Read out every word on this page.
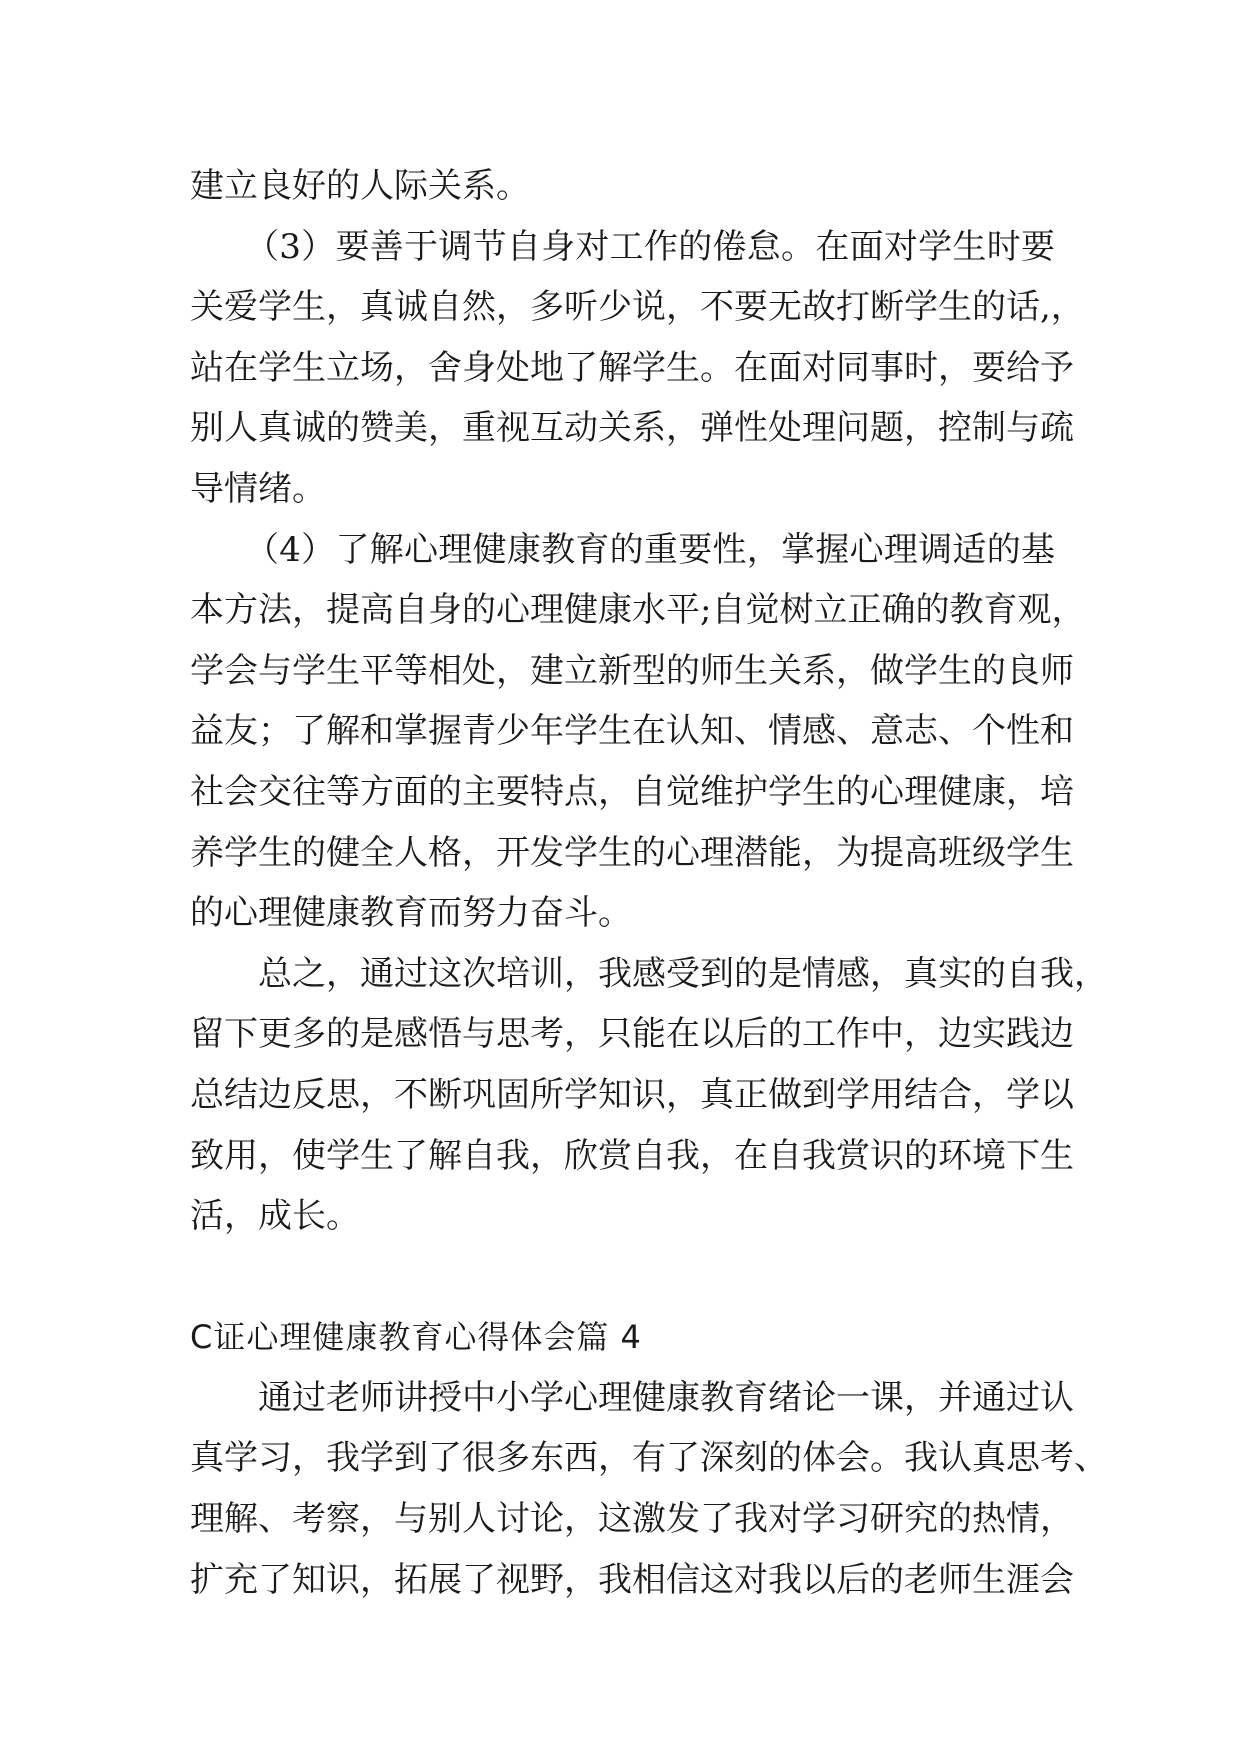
建立良好的人际关系。
（3）要善于调节自身对工作的倦怠。在面对学生时要
关爱学生，真诚自然，多听少说，不要无故打断学生的话,，
站在学生立场，舍身处地了解学生。在面对同事时，要给予
别人真诚的赞美，重视互动关系，弹性处理问题，控制与疏
导情绪。
（4）了解心理健康教育的重要性，掌握心理调适的基
本方法，提高自身的心理健康水平;自觉树立正确的教育观，
学会与学生平等相处，建立新型的师生关系，做学生的良师
益友；了解和掌握青少年学生在认知、情感、意志、个性和
社会交往等方面的主要特点，自觉维护学生的心理健康，培
养学生的健全人格，开发学生的心理潜能，为提高班级学生
的心理健康教育而努力奋斗。
总之，通过这次培训，我感受到的是情感，真实的自我，
留下更多的是感悟与思考，只能在以后的工作中，边实践边
总结边反思，不断巩固所学知识，真正做到学用结合，学以
致用，使学生了解自我，欣赏自我，在自我赏识的环境下生
活，成长。
C证心理健康教育心得体会篇 4
通过老师讲授中小学心理健康教育绪论一课，并通过认
真学习，我学到了很多东西，有了深刻的体会。我认真思考、
理解、考察，与别人讨论，这激发了我对学习研究的热情，
扩充了知识，拓展了视野，我相信这对我以后的老师生涯会
